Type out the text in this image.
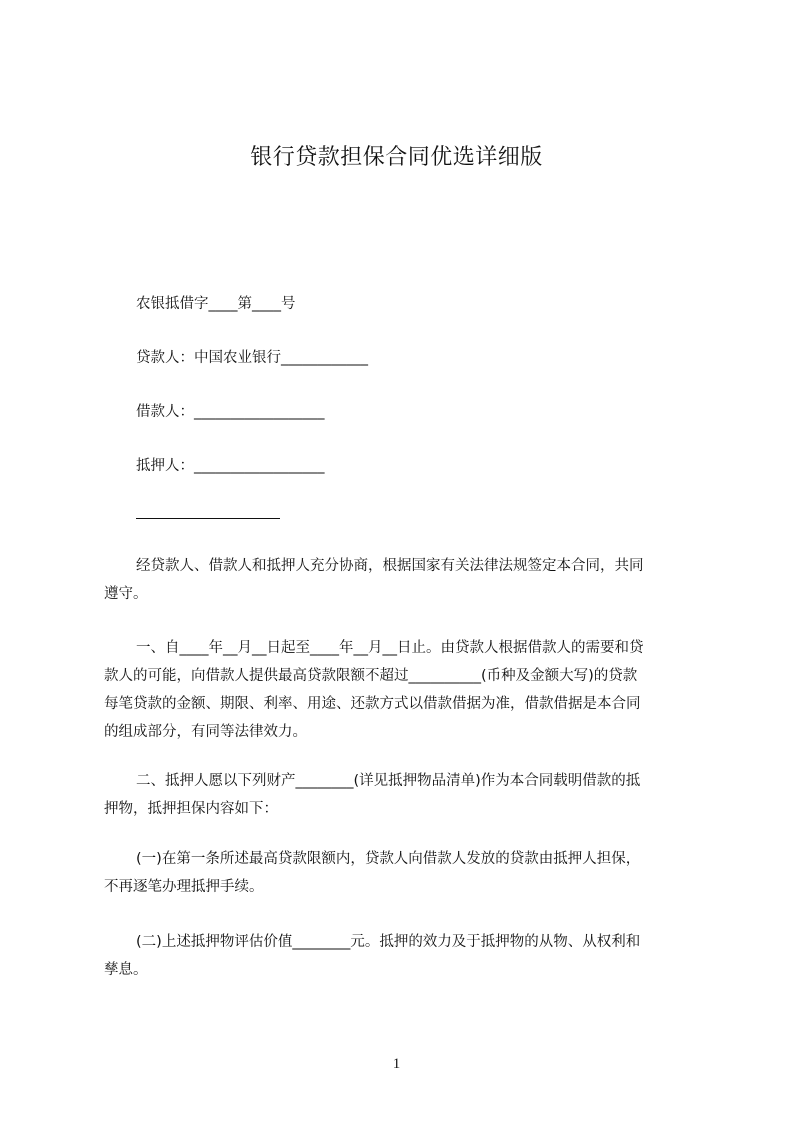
银行贷款担保合同优选详细版
农银抵借字____第____号
贷款人：中国农业银行____________
借款人：__________________
抵押人：__________________
经贷款人、借款人和抵押人充分协商，根据国家有关法律法规签定本合同，共同
遵守。
一、自____年__月__日起至____年__月__日止。由贷款人根据借款人的需要和贷
款人的可能，向借款人提供最高贷款限额不超过__________(币种及金额大写)的贷款
每笔贷款的金额、期限、利率、用途、还款方式以借款借据为准，借款借据是本合同
的组成部分，有同等法律效力。
二、抵押人愿以下列财产________(详见抵押物品清单)作为本合同载明借款的抵
押物，抵押担保内容如下：
(一)在第一条所述最高贷款限额内，贷款人向借款人发放的贷款由抵押人担保，
不再逐笔办理抵押手续。
(二)上述抵押物评估价值________元。抵押的效力及于抵押物的从物、从权利和
孳息。
1
